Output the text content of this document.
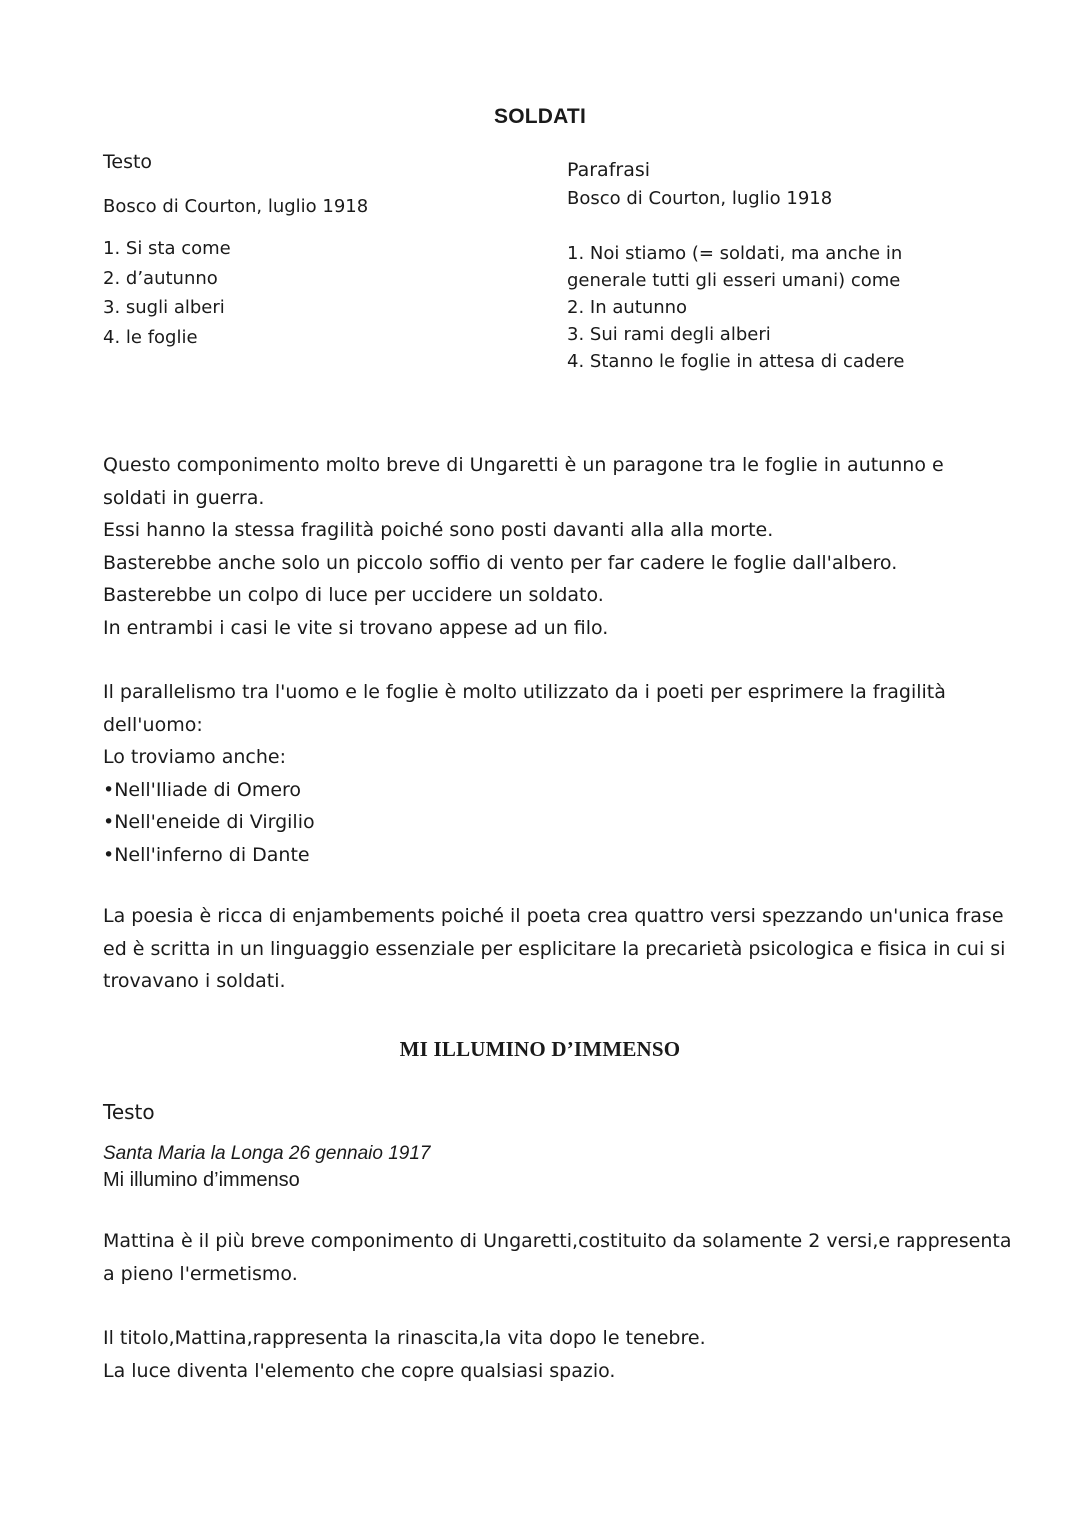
SOLDATI
Testo
Bosco di Courton, luglio 1918
1. Si sta come
2. d’autunno
3. sugli alberi
4. le foglie
Parafrasi
Bosco di Courton, luglio 1918
1. Noi stiamo (= soldati, ma anche in
generale tutti gli esseri umani) come
2. In autunno
3. Sui rami degli alberi
4. Stanno le foglie in attesa di cadere
Questo componimento molto breve di Ungaretti è un paragone tra le foglie in autunno e
soldati in guerra.
Essi hanno la stessa fragilità poiché sono posti davanti alla alla morte.
Basterebbe anche solo un piccolo soffio di vento per far cadere le foglie dall'albero.
Basterebbe un colpo di luce per uccidere un soldato.
In entrambi i casi le vite si trovano appese ad un filo.
Il parallelismo tra l'uomo e le foglie è molto utilizzato da i poeti per esprimere la fragilità
dell'uomo:
Lo troviamo anche:
•Nell'Iliade di Omero
•Nell'eneide di Virgilio
•Nell'inferno di Dante
La poesia è ricca di enjambements poiché il poeta crea quattro versi spezzando un'unica frase
ed è scritta in un linguaggio essenziale per esplicitare la precarietà psicologica e fisica in cui si
trovavano i soldati.
MI ILLUMINO D’IMMENSO
Testo
Santa Maria la Longa 26 gennaio 1917
Mi illumino d’immenso
Mattina è il più breve componimento di Ungaretti,costituito da solamente 2 versi,e rappresenta
a pieno l'ermetismo.
Il titolo,Mattina,rappresenta la rinascita,la vita dopo le tenebre.
La luce diventa l'elemento che copre qualsiasi spazio.
